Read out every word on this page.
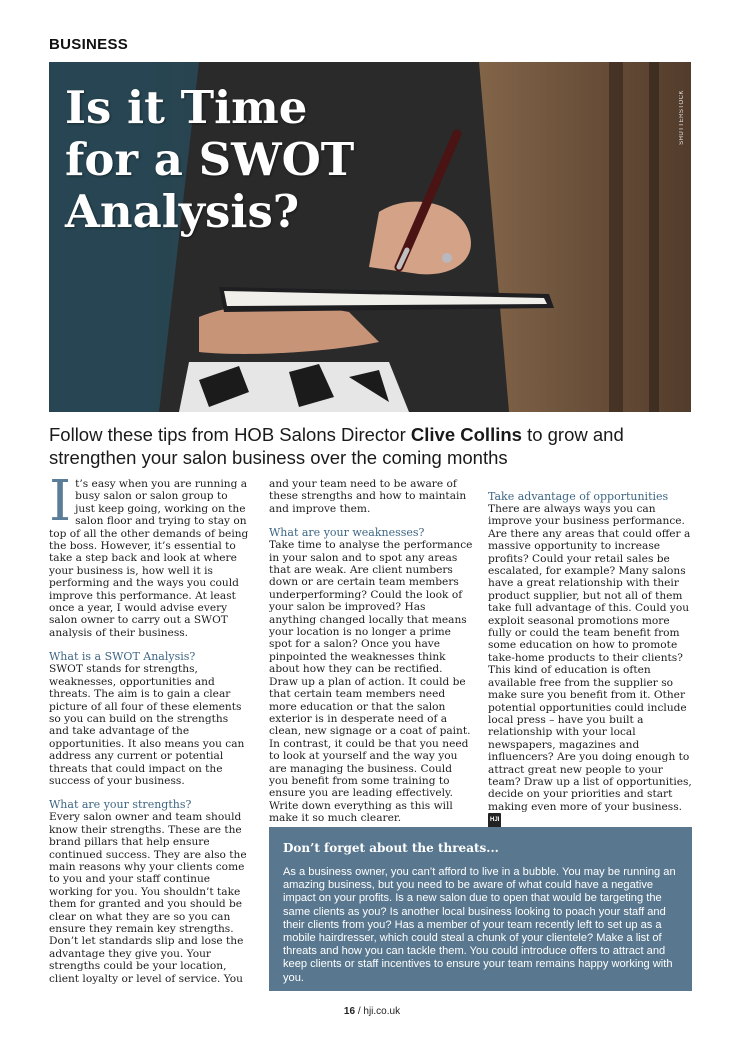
BUSINESS
Is it Time
for a SWOT
Analysis?
SHUTTERSTOCK
Follow these tips from HOB Salons Director Clive Collins to grow and strengthen your salon business over the coming months

It’s easy when you are running a busy salon or salon group to just keep going, working on the salon floor and trying to stay on top of all the other demands of being the boss. However, it’s essential to take a step back and look at where your business is, how well it is performing and the ways you could improve this performance. At least once a year, I would advise every salon owner to carry out a SWOT analysis of their business.

What is a SWOT Analysis?

SWOT stands for strengths, weaknesses, opportunities and threats. The aim is to gain a clear picture of all four of these elements so you can build on the strengths and take advantage of the opportunities. It also means you can address any current or potential threats that could impact on the success of your business.

What are your strengths?

Every salon owner and team should know their strengths. These are the brand pillars that help ensure continued success. They are also the main reasons why your clients come to you and your staff continue working for you. You shouldn’t take them for granted and you should be clear on what they are so you can ensure they remain key strengths. Don’t let standards slip and lose the advantage they give you. Your strengths could be your location, client loyalty or level of service. You

and your team need to be aware of these strengths and how to maintain and improve them.

What are your weaknesses?

Take time to analyse the performance in your salon and to spot any areas that are weak. Are client numbers down or are certain team members underperforming? Could the look of your salon be improved? Has anything changed locally that means your location is no longer a prime spot for a salon? Once you have pinpointed the weaknesses think about how they can be rectified. Draw up a plan of action. It could be that certain team members need more education or that the salon exterior is in desperate need of a clean, new signage or a coat of paint. In contrast, it could be that you need to look at yourself and the way you are managing the business. Could you benefit from some training to ensure you are leading effectively. Write down everything as this will make it so much clearer.

Take advantage of opportunities

There are always ways you can improve your business performance. Are there any areas that could offer a massive opportunity to increase profits? Could your retail sales be escalated, for example? Many salons have a great relationship with their product supplier, but not all of them take full advantage of this. Could you exploit seasonal promotions more fully or could the team benefit from some education on how to promote take-home products to their clients? This kind of education is often available free from the supplier so make sure you benefit from it. Other potential opportunities could include local press – have you built a relationship with your local newspapers, magazines and influencers? Are you doing enough to attract great new people to your team? Draw up a list of opportunities, decide on your priorities and start making even more of your business. HJI

Don’t forget about the threats...
As a business owner, you can’t afford to live in a bubble. You may be running an amazing business, but you need to be aware of what could have a negative impact on your profits. Is a new salon due to open that would be targeting the same clients as you? Is another local business looking to poach your staff and their clients from you? Has a member of your team recently left to set up as a mobile hairdresser, which could steal a chunk of your clientele? Make a list of threats and how you can tackle them. You could introduce offers to attract and keep clients or staff incentives to ensure your team remains happy working with you.
16 / hji.co.uk
